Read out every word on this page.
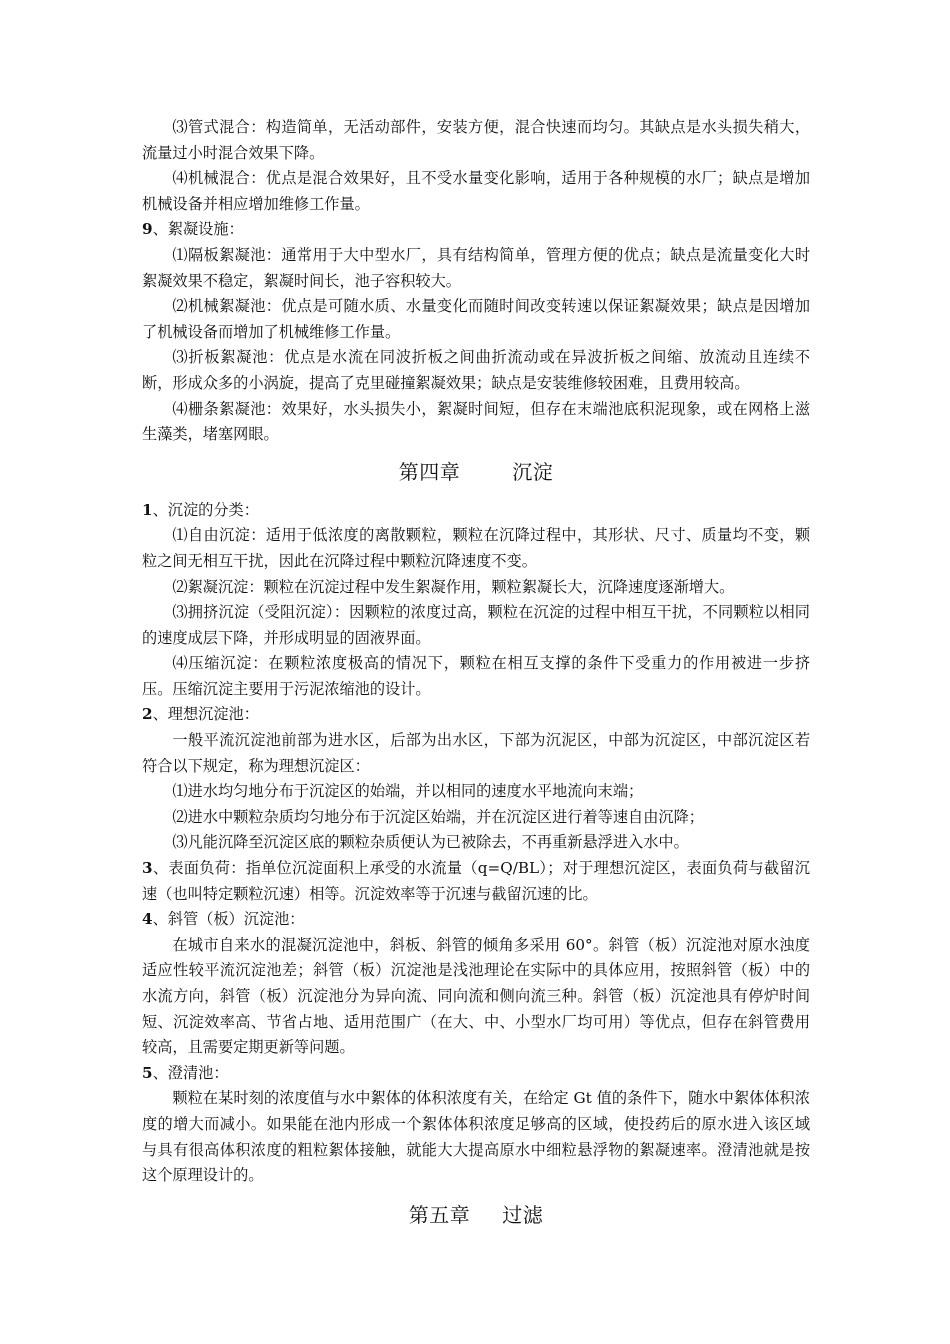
⑶管式混合：构造简单，无活动部件，安装方便，混合快速而均匀。其缺点是水头损失稍大，流量过小时混合效果下降。

⑷机械混合：优点是混合效果好，且不受水量变化影响，适用于各种规模的水厂；缺点是增加机械设备并相应增加维修工作量。

9、絮凝设施：

⑴隔板絮凝池：通常用于大中型水厂，具有结构简单，管理方便的优点；缺点是流量变化大时絮凝效果不稳定，絮凝时间长，池子容积较大。

⑵机械絮凝池：优点是可随水质、水量变化而随时间改变转速以保证絮凝效果；缺点是因增加了机械设备而增加了机械维修工作量。

⑶折板絮凝池：优点是水流在同波折板之间曲折流动或在异波折板之间缩、放流动且连续不断，形成众多的小涡旋，提高了克里碰撞絮凝效果；缺点是安装维修较困难，且费用较高。

⑷栅条絮凝池：效果好，水头损失小，絮凝时间短，但存在末端池底积泥现象，或在网格上滋生藻类，堵塞网眼。

第四章	沉淀

1、沉淀的分类：

⑴自由沉淀：适用于低浓度的离散颗粒，颗粒在沉降过程中，其形状、尺寸、质量均不变，颗粒之间无相互干扰，因此在沉降过程中颗粒沉降速度不变。

⑵絮凝沉淀：颗粒在沉淀过程中发生絮凝作用，颗粒絮凝长大，沉降速度逐渐增大。

⑶拥挤沉淀（受阻沉淀）：因颗粒的浓度过高，颗粒在沉淀的过程中相互干扰，不同颗粒以相同的速度成层下降，并形成明显的固液界面。

⑷压缩沉淀：在颗粒浓度极高的情况下，颗粒在相互支撑的条件下受重力的作用被进一步挤压。压缩沉淀主要用于污泥浓缩池的设计。

2、理想沉淀池：

一般平流沉淀池前部为进水区，后部为出水区，下部为沉泥区，中部为沉淀区，中部沉淀区若符合以下规定，称为理想沉淀区：

⑴进水均匀地分布于沉淀区的始端，并以相同的速度水平地流向末端；

⑵进水中颗粒杂质均匀地分布于沉淀区始端，并在沉淀区进行着等速自由沉降；

⑶凡能沉降至沉淀区底的颗粒杂质便认为已被除去，不再重新悬浮进入水中。

3、表面负荷：指单位沉淀面积上承受的水流量（q=Q/BL）；对于理想沉淀区，表面负荷与截留沉速（也叫特定颗粒沉速）相等。沉淀效率等于沉速与截留沉速的比。

4、斜管（板）沉淀池：

在城市自来水的混凝沉淀池中，斜板、斜管的倾角多采用 60°。斜管（板）沉淀池对原水浊度适应性较平流沉淀池差；斜管（板）沉淀池是浅池理论在实际中的具体应用，按照斜管（板）中的水流方向，斜管（板）沉淀池分为异向流、同向流和侧向流三种。斜管（板）沉淀池具有停炉时间短、沉淀效率高、节省占地、适用范围广（在大、中、小型水厂均可用）等优点，但存在斜管费用较高，且需要定期更新等问题。

5、澄清池：

颗粒在某时刻的浓度值与水中絮体的体积浓度有关，在给定 Gt 值的条件下，随水中絮体体积浓度的增大而减小。如果能在池内形成一个絮体体积浓度足够高的区域，使投药后的原水进入该区域与具有很高体积浓度的粗粒絮体接触，就能大大提高原水中细粒悬浮物的絮凝速率。澄清池就是按这个原理设计的。

第五章 过滤
